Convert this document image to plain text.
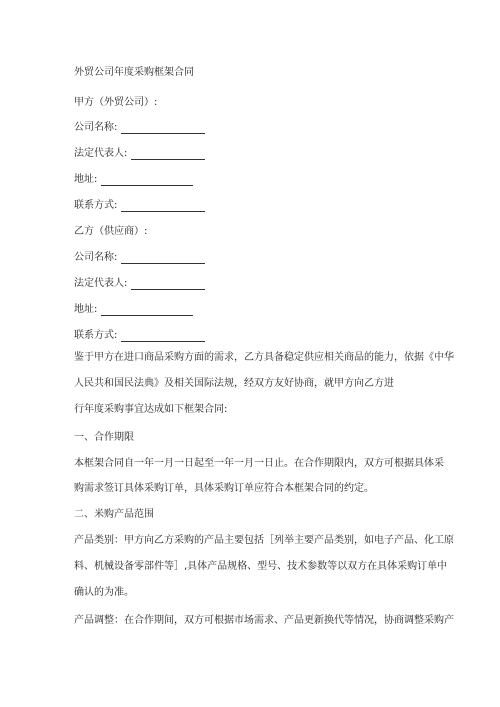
外贸公司年度采购框架合同
甲方（外贸公司）:
公司名称:
法定代表人:
地址:
联系方式:
乙方（供应商）:
公司名称:
法定代表人:
地址:
联系方式:
鉴于甲方在进口商品采购方面的需求，乙方具备稳定供应相关商品的能力，依据《中华
人民共和国民法典》及相关国际法规，经双方友好协商，就甲方向乙方进
行年度采购事宜达成如下框架合同:
一、合作期限
本框架合同自一年一月一日起至一年一月一日止。在合作期限内，双方可根据具体采
购需求签订具体采购订单，具体采购订单应符合本框架合同的约定。
二、米购产品范围
产品类别：甲方向乙方采购的产品主要包括［列举主要产品类别，如电子产品、化工原
料、机械设备零部件等］,具体产品规格、型号、技术参数等以双方在具体采购订单中
确认的为准。
产品调整：在合作期间，双方可根据市场需求、产品更新换代等情况，协商调整采购产
